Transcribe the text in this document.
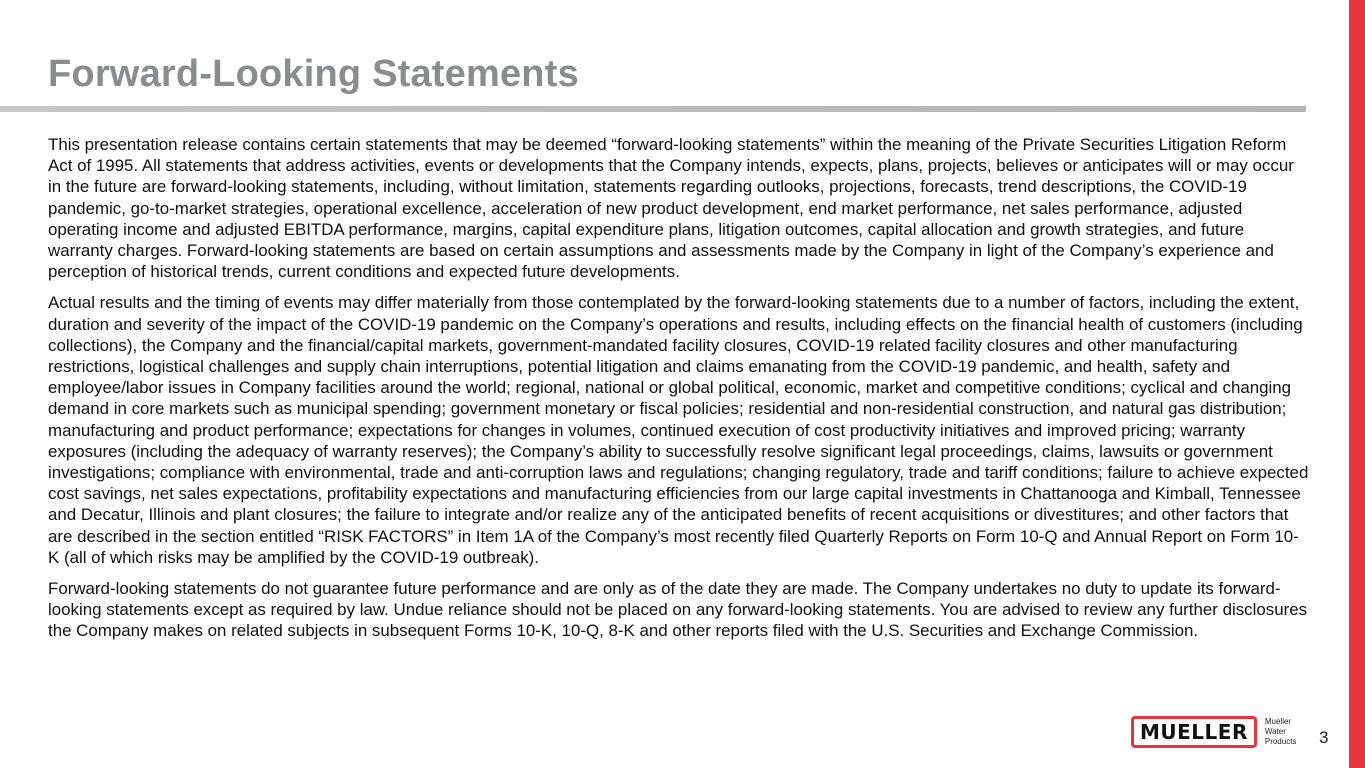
Forward-Looking Statements

This presentation release contains certain statements that may be deemed “forward-looking statements” within the meaning of the Private Securities Litigation Reform Act of 1995. All statements that address activities, events or developments that the Company intends, expects, plans, projects, believes or anticipates will or may occur in the future are forward-looking statements, including, without limitation, statements regarding outlooks, projections, forecasts, trend descriptions, the COVID-19 pandemic, go-to-market strategies, operational excellence, acceleration of new product development, end market performance, net sales performance, adjusted operating income and adjusted EBITDA performance, margins, capital expenditure plans, litigation outcomes, capital allocation and growth strategies, and future warranty charges. Forward-looking statements are based on certain assumptions and assessments made by the Company in light of the Company’s experience and perception of historical trends, current conditions and expected future developments.

Actual results and the timing of events may differ materially from those contemplated by the forward-looking statements due to a number of factors, including the extent, duration and severity of the impact of the COVID-19 pandemic on the Company’s operations and results, including effects on the financial health of customers (including collections), the Company and the financial/capital markets, government-mandated facility closures, COVID-19 related facility closures and other manufacturing restrictions, logistical challenges and supply chain interruptions, potential litigation and claims emanating from the COVID-19 pandemic, and health, safety and employee/labor issues in Company facilities around the world; regional, national or global political, economic, market and competitive conditions; cyclical and changing demand in core markets such as municipal spending; government monetary or fiscal policies; residential and non-residential construction, and natural gas distribution; manufacturing and product performance; expectations for changes in volumes, continued execution of cost productivity initiatives and improved pricing; warranty exposures (including the adequacy of warranty reserves); the Company’s ability to successfully resolve significant legal proceedings, claims, lawsuits or government investigations; compliance with environmental, trade and anti-corruption laws and regulations; changing regulatory, trade and tariff conditions; failure to achieve expected cost savings, net sales expectations, profitability expectations and manufacturing efficiencies from our large capital investments in Chattanooga and Kimball, Tennessee and Decatur, Illinois and plant closures; the failure to integrate and/or realize any of the anticipated benefits of recent acquisitions or divestitures; and other factors that are described in the section entitled “RISK FACTORS” in Item 1A of the Company’s most recently filed Quarterly Reports on Form 10-Q and Annual Report on Form 10-K (all of which risks may be amplified by the COVID-19 outbreak).

Forward-looking statements do not guarantee future performance and are only as of the date they are made. The Company undertakes no duty to update its forward-looking statements except as required by law. Undue reliance should not be placed on any forward-looking statements. You are advised to review any further disclosures the Company makes on related subjects in subsequent Forms 10-K, 10-Q, 8-K and other reports filed with the U.S. Securities and Exchange Commission.

MUELLER	Mueller
Water
Products 3
